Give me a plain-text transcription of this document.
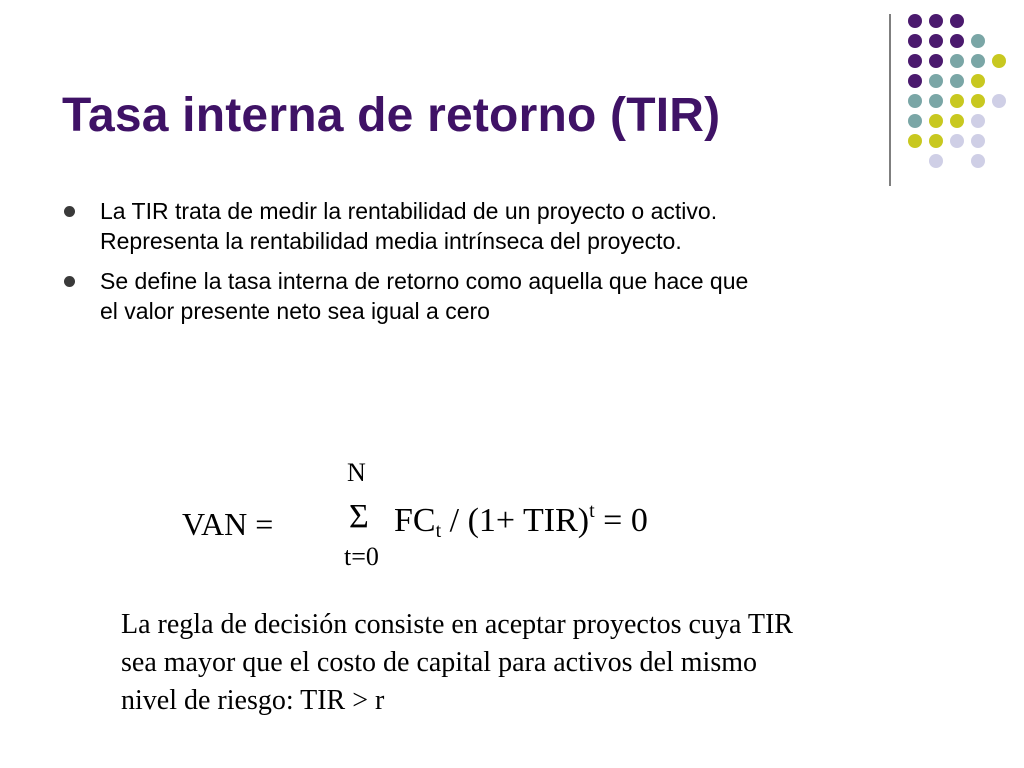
Tasa interna de retorno (TIR)
La TIR trata de medir la rentabilidad de un proyecto o activo.
Representa la rentabilidad media intrínseca del proyecto.
Se define la tasa interna de retorno como aquella que hace que
el valor presente neto sea igual a cero
N
VAN = Σ $FC_t / (1+ TIR)^t = 0$
t=0
La regla de decisión consiste en aceptar proyectos cuya TIR
sea mayor que el costo de capital para activos del mismo
nivel de riesgo: TIR > r
